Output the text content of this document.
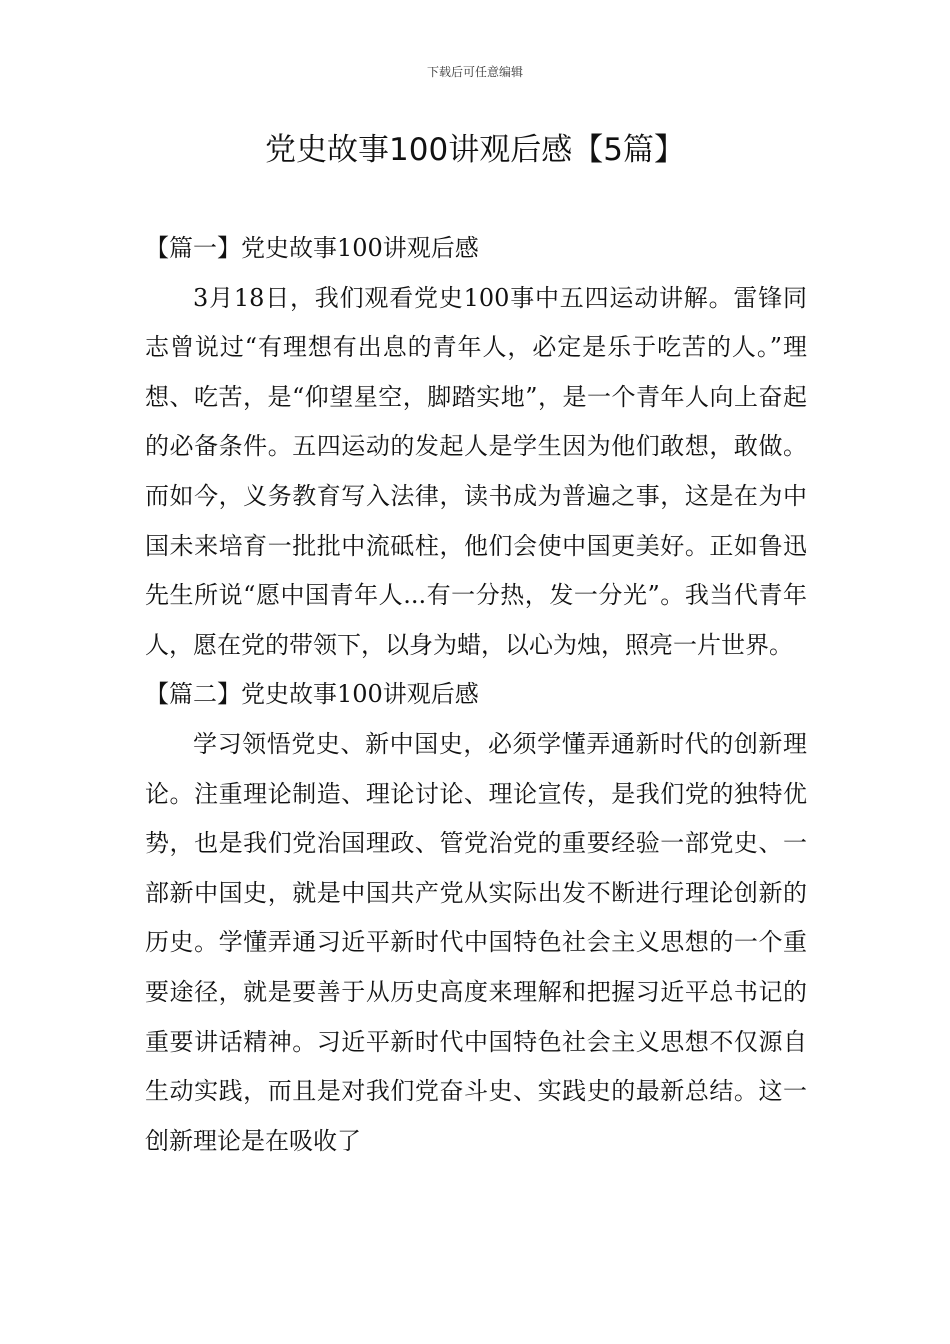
下载后可任意编辑
党史故事100讲观后感【5篇】

【篇一】党史故事100讲观后感

3月18日，我们观看党史100事中五四运动讲解。雷锋同志曾说过“有理想有出息的青年人，必定是乐于吃苦的人。”理想、吃苦，是“仰望星空，脚踏实地”，是一个青年人向上奋起的必备条件。五四运动的发起人是学生因为他们敢想，敢做。而如今，义务教育写入法律，读书成为普遍之事，这是在为中国未来培育一批批中流砥柱，他们会使中国更美好。正如鲁迅先生所说“愿中国青年人...有一分热，发一分光”。我当代青年人，愿在党的带领下，以身为蜡，以心为烛，照亮一片世界。

【篇二】党史故事100讲观后感

学习领悟党史、新中国史，必须学懂弄通新时代的创新理论。注重理论制造、理论讨论、理论宣传，是我们党的独特优势，也是我们党治国理政、管党治党的重要经验一部党史、一部新中国史，就是中国共产党从实际出发不断进行理论创新的历史。学懂弄通习近平新时代中国特色社会主义思想的一个重要途径，就是要善于从历史高度来理解和把握习近平总书记的重要讲话精神。习近平新时代中国特色社会主义思想不仅源自生动实践，而且是对我们党奋斗史、实践史的最新总结。这一创新理论是在吸收了
